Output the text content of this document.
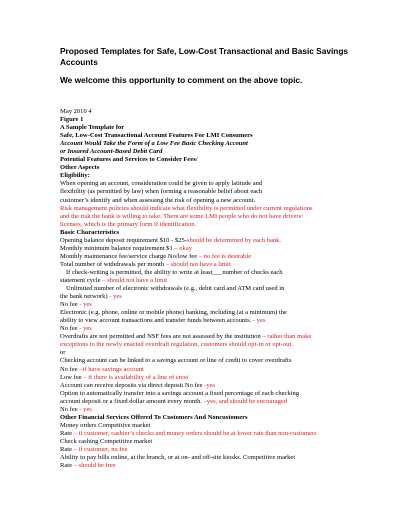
Proposed Templates for Safe, Low-Cost Transactional and Basic Savings
Accounts
We welcome this opportunity to comment on the above topic.
May 2010 4
Figure 1
A Sample Template for
Safe, Low-Cost Transactional Account Features For LMI Consumers
Account Would Take the Form of a Low Fee Basic Checking Account
or Insured Account-Based Debit Card
Potential Features and Services to Consider Fees/
Other Aspects
Eligibility:
When opening an account, consideration could be given to apply latitude and
flexibility (as permitted by law) when forming a reasonable belief about each
customer’s identify and when assessing the risk of opening a new account.
Risk management policies should indicate what flexibility is permitted under current regulations
and the risk the bank is willing to take. There are some LMI people who do not have drivers’
licenses, which is the primary form if identification.
Basic Characteristics
Opening balance deposit requirement $10 - $25-should be determined by each bank.
Monthly minimum balance requirement $1 – okay
Monthly maintenance fee/service charge No/low fee – no fee is desirable
Total number of withdrawals per month – should not have a limit
If check-writing is permitted, the ability to write at least___number of checks each
statement cycle – should not have a limit
Unlimited number of electronic withdrawals (e.g., debit card and ATM card used in
the bank network) - yes
No fee - yes
Electronic (e.g. phone, online or mobile phone) banking, including (at a minimum) the
ability to view account transactions and transfer funds between accounts. - yes
No fee - yes
Overdrafts are not permitted and NSF fees are not assessed by the institution – rather than make
exceptions to the newly enacted overdraft regulation, customers should opt-in or opt-out.
or
Checking account can be linked to a savings account or line of credit to cover overdrafts
No fee –if have savings account
Low fee – if there is availability of a line of crest
Account can receive deposits via direct deposit No fee -yes
Option to automatically transfer into a savings account a fixed percentage of each checking
account deposit or a fixed dollar amount every month. –yes, and should be encouraged
No fee - yes
Other Financial Services Offered To Customers And Noncustomers
Money orders Competitive market
Rate – if customer, cashier’s checks and money orders should be at lower rate than non-customers
Check cashing Competitive market
Rate – if customer, no fee
Ability to pay bills online, at the branch, or at on- and off-site kiosks. Competitive market
Rate – should be free
